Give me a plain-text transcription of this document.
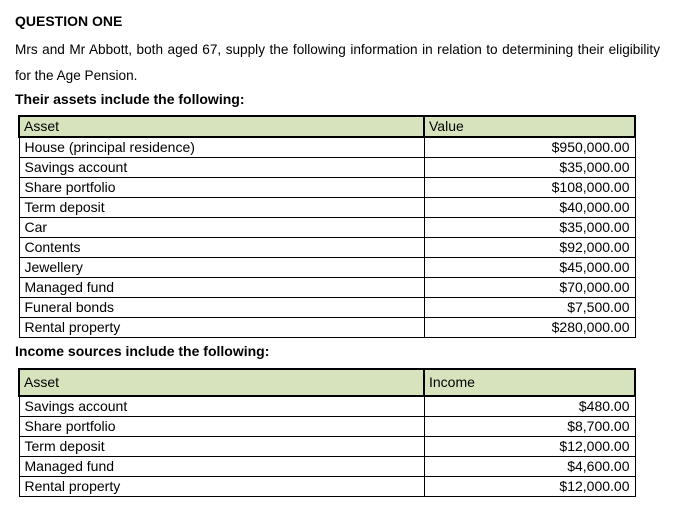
QUESTION ONE
Mrs and Mr Abbott, both aged 67, supply the following information in relation to determining their eligibility for the Age Pension.
Their assets include the following:
Asset	Value
House (principal residence)	$950,000.00
Savings account	$35,000.00
Share portfolio	$108,000.00
Term deposit	$40,000.00
Car	$35,000.00
Contents	$92,000.00
Jewellery	$45,000.00
Managed fund	$70,000.00
Funeral bonds	$7,500.00
Rental property	$280,000.00
Income sources include the following:
Asset	Income
Savings account	$480.00
Share portfolio	$8,700.00
Term deposit	$12,000.00
Managed fund	$4,600.00
Rental property	$12,000.00
